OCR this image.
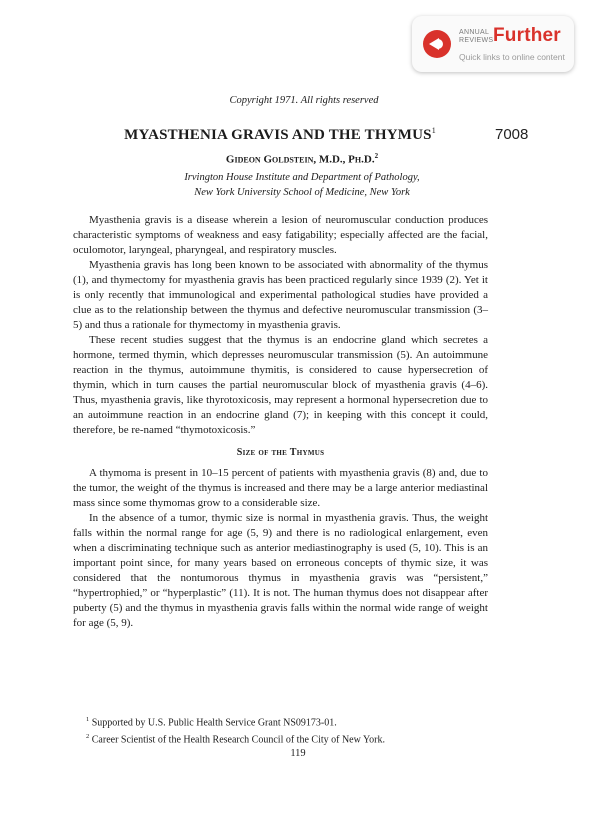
ANNUAL REVIEWS Further
Quick links to online content
Copyright 1971. All rights reserved
MYASTHENIA GRAVIS AND THE THYMUS$^1$	7008
Gideon Goldstein, M.D., Ph.D.$^2$
Irvington House Institute and Department of Pathology,
New York University School of Medicine, New York

Myasthenia gravis is a disease wherein a lesion of neuromuscular conduction produces characteristic symptoms of weakness and easy fatigability; especially affected are the facial, oculomotor, laryngeal, pharyngeal, and respiratory muscles.

Myasthenia gravis has long been known to be associated with abnormality of the thymus (1), and thymectomy for myasthenia gravis has been practiced regularly since 1939 (2). Yet it is only recently that immunological and experimental pathological studies have provided a clue as to the relationship between the thymus and defective neuromuscular transmission (3–5) and thus a rationale for thymectomy in myasthenia gravis.

These recent studies suggest that the thymus is an endocrine gland which secretes a hormone, termed thymin, which depresses neuromuscular transmission (5). An autoimmune reaction in the thymus, autoimmune thymitis, is considered to cause hypersecretion of thymin, which in turn causes the partial neuromuscular block of myasthenia gravis (4–6). Thus, myasthenia gravis, like thyrotoxicosis, may represent a hormonal hypersecretion due to an autoimmune reaction in an endocrine gland (7); in keeping with this concept it could, therefore, be re-named “thymotoxicosis.”

Size of the Thymus

A thymoma is present in 10–15 percent of patients with myasthenia gravis (8) and, due to the tumor, the weight of the thymus is increased and there may be a large anterior mediastinal mass since some thymomas grow to a considerable size.

In the absence of a tumor, thymic size is normal in myasthenia gravis. Thus, the weight falls within the normal range for age (5, 9) and there is no radiological enlargement, even when a discriminating technique such as anterior mediastinography is used (5, 10). This is an important point since, for many years based on erroneous concepts of thymic size, it was considered that the nontumorous thymus in myasthenia gravis was “persistent,” “hypertrophied,” or “hyperplastic” (11). It is not. The human thymus does not disappear after puberty (5) and the thymus in myasthenia gravis falls within the normal wide range of weight for age (5, 9).

$^1$ Supported by U.S. Public Health Service Grant NS09173-01.
$^2$ Career Scientist of the Health Research Council of the City of New York.
119
